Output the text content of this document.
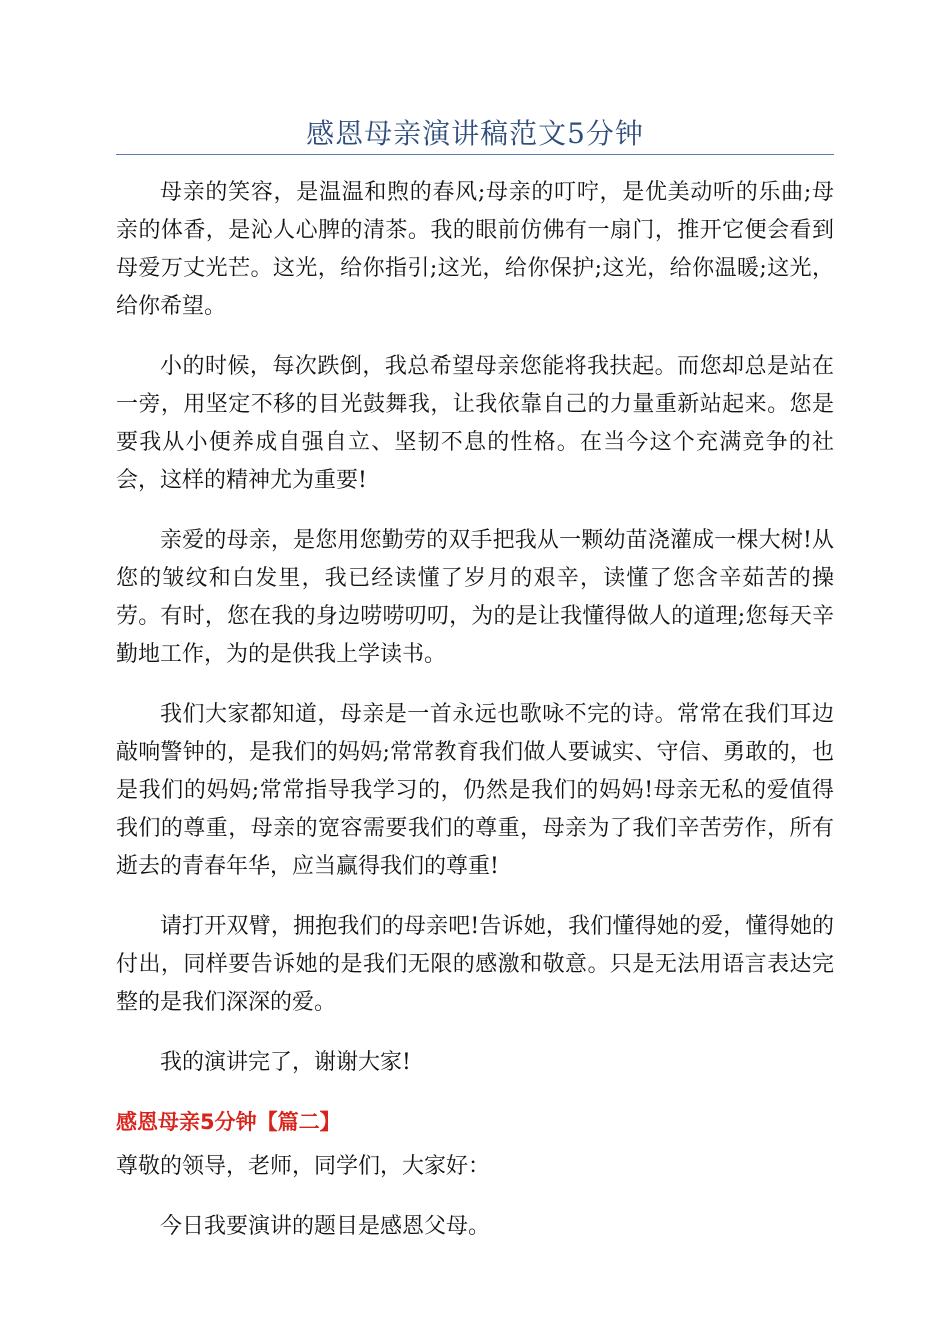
感恩母亲演讲稿范文5分钟

母亲的笑容，是温温和煦的春风;母亲的叮咛，是优美动听的乐曲;母亲的体香，是沁人心脾的清茶。我的眼前仿佛有一扇门，推开它便会看到母爱万丈光芒。这光，给你指引;这光，给你保护;这光，给你温暖;这光，给你希望。

小的时候，每次跌倒，我总希望母亲您能将我扶起。而您却总是站在一旁，用坚定不移的目光鼓舞我，让我依靠自己的力量重新站起来。您是要我从小便养成自强自立、坚韧不息的性格。在当今这个充满竞争的社会，这样的精神尤为重要!

亲爱的母亲，是您用您勤劳的双手把我从一颗幼苗浇灌成一棵大树!从您的皱纹和白发里，我已经读懂了岁月的艰辛，读懂了您含辛茹苦的操劳。有时，您在我的身边唠唠叨叨，为的是让我懂得做人的道理;您每天辛勤地工作，为的是供我上学读书。

我们大家都知道，母亲是一首永远也歌咏不完的诗。常常在我们耳边敲响警钟的，是我们的妈妈;常常教育我们做人要诚实、守信、勇敢的，也是我们的妈妈;常常指导我学习的，仍然是我们的妈妈!母亲无私的爱值得我们的尊重，母亲的宽容需要我们的尊重，母亲为了我们辛苦劳作，所有逝去的青春年华，应当赢得我们的尊重!

请打开双臂，拥抱我们的母亲吧!告诉她，我们懂得她的爱，懂得她的付出，同样要告诉她的是我们无限的感激和敬意。只是无法用语言表达完整的是我们深深的爱。

我的演讲完了，谢谢大家!

感恩母亲5分钟【篇二】

尊敬的领导，老师，同学们，大家好：

今日我要演讲的题目是感恩父母。
